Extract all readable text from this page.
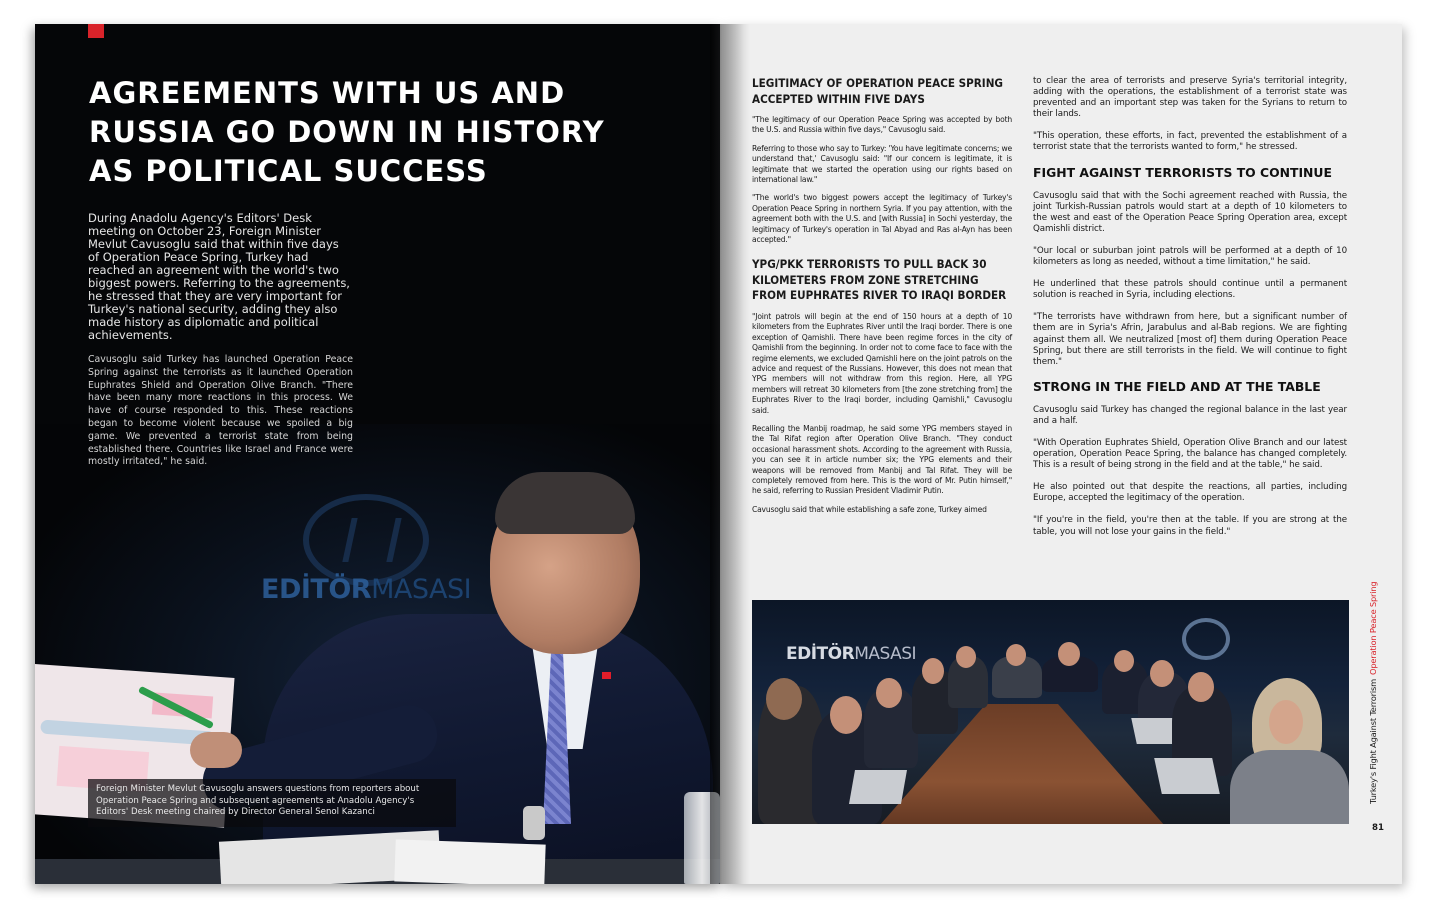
EDİTÖRMASASI
AGREEMENTS WITH US AND
RUSSIA GO DOWN IN HISTORY
AS POLITICAL SUCCESS
During Anadolu Agency's Editors' Desk meeting on October 23, Foreign Minister Mevlut Cavusoglu said that within five days of Operation Peace Spring, Turkey had reached an agreement with the world's two biggest powers. Referring to the agreements, he stressed that they are very important for Turkey's national security, adding they also made history as diplomatic and political achievements.
Cavusoglu said Turkey has launched Operation Peace Spring against the terrorists as it launched Operation Euphrates Shield and Operation Olive Branch. "There have been many more reactions in this process. We have of course responded to this. These reactions began to become violent because we spoiled a big game. We prevented a terrorist state from being established there. Countries like Israel and France were mostly irritated," he said.
Foreign Minister Mevlut Cavusoglu answers questions from reporters about Operation Peace Spring and subsequent agreements at Anadolu Agency's Editors' Desk meeting chaired by Director General Senol Kazanci
LEGITIMACY OF OPERATION PEACE SPRING ACCEPTED WITHIN FIVE DAYS

"The legitimacy of our Operation Peace Spring was accepted by both the U.S. and Russia within five days," Cavusoglu said.

Referring to those who say to Turkey: 'You have legitimate concerns; we understand that,' Cavusoglu said: "If our concern is legitimate, it is legitimate that we started the operation using our rights based on international law."

"The world's two biggest powers accept the legitimacy of Turkey's Operation Peace Spring in northern Syria. If you pay attention, with the agreement both with the U.S. and [with Russia] in Sochi yesterday, the legitimacy of Turkey's operation in Tal Abyad and Ras al-Ayn has been accepted."

YPG/PKK TERRORISTS TO PULL BACK 30 KILOMETERS FROM ZONE STRETCHING FROM EUPHRATES RIVER TO IRAQI BORDER

"Joint patrols will begin at the end of 150 hours at a depth of 10 kilometers from the Euphrates River until the Iraqi border. There is one exception of Qamishli. There have been regime forces in the city of Qamishli from the beginning. In order not to come face to face with the regime elements, we excluded Qamishli here on the joint patrols on the advice and request of the Russians. However, this does not mean that YPG members will not withdraw from this region. Here, all YPG members will retreat 30 kilometers from [the zone stretching from] the Euphrates River to the Iraqi border, including Qamishli," Cavusoglu said.

Recalling the Manbij roadmap, he said some YPG members stayed in the Tal Rifat region after Operation Olive Branch. "They conduct occasional harassment shots. According to the agreement with Russia, you can see it in article number six; the YPG elements and their weapons will be removed from Manbij and Tal Rifat. They will be completely removed from here. This is the word of Mr. Putin himself," he said, referring to Russian President Vladimir Putin.

Cavusoglu said that while establishing a safe zone, Turkey aimed

to clear the area of terrorists and preserve Syria's territorial integrity, adding with the operations, the establishment of a terrorist state was prevented and an important step was taken for the Syrians to return to their lands.

"This operation, these efforts, in fact, prevented the establishment of a terrorist state that the terrorists wanted to form," he stressed.

FIGHT AGAINST TERRORISTS TO CONTINUE

Cavusoglu said that with the Sochi agreement reached with Russia, the joint Turkish-Russian patrols would start at a depth of 10 kilometers to the west and east of the Operation Peace Spring Operation area, except Qamishli district.

"Our local or suburban joint patrols will be performed at a depth of 10 kilometers as long as needed, without a time limitation," he said.

He underlined that these patrols should continue until a permanent solution is reached in Syria, including elections.

"The terrorists have withdrawn from here, but a significant number of them are in Syria's Afrin, Jarabulus and al-Bab regions. We are fighting against them all. We neutralized [most of] them during Operation Peace Spring, but there are still terrorists in the field. We will continue to fight them."

STRONG IN THE FIELD AND AT THE TABLE

Cavusoglu said Turkey has changed the regional balance in the last year and a half.

"With Operation Euphrates Shield, Operation Olive Branch and our latest operation, Operation Peace Spring, the balance has changed completely. This is a result of being strong in the field and at the table," he said.

He also pointed out that despite the reactions, all parties, including Europe, accepted the legitimacy of the operation.

"If you're in the field, you're then at the table. If you are strong at the table, you will not lose your gains in the field."

EDİTÖRMASASI
Turkey's Fight Against TerrorismOperation Peace Spring
81
